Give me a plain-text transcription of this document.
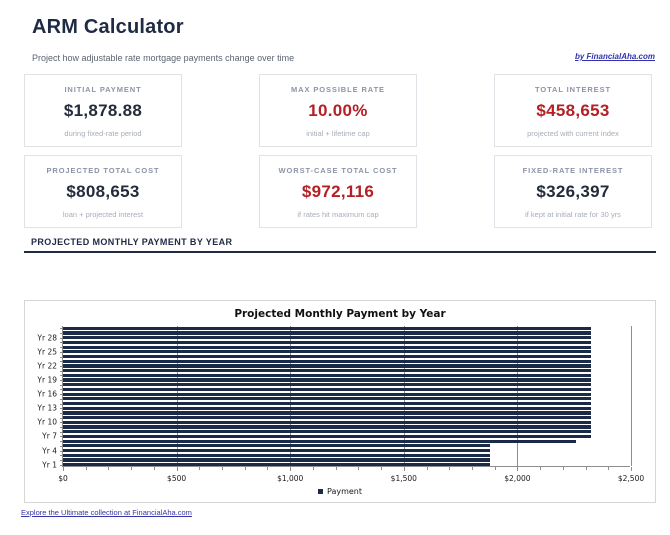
ARM Calculator

Project how adjustable rate mortgage payments change over time	by FinancialAha.com
INITIAL PAYMENT
$1,878.88
during fixed-rate period
MAX POSSIBLE RATE
10.00%
initial + lifetime cap
TOTAL INTEREST
$458,653
projected with current index
PROJECTED TOTAL COST
$808,653
loan + projected interest
WORST-CASE TOTAL COST
$972,116
if rates hit maximum cap
FIXED-RATE INTEREST
$326,397
if kept at initial rate for 30 yrs
PROJECTED MONTHLY PAYMENT BY YEAR
Projected Monthly Payment by Year
Yr 1
Yr 4
Yr 7
Yr 10
Yr 13
Yr 16
Yr 19
Yr 22
Yr 25
Yr 28
$0	$500	$1,000	$1,500	$2,000	$2,500
Payment
Explore the Ultimate collection at FinancialAha.com
